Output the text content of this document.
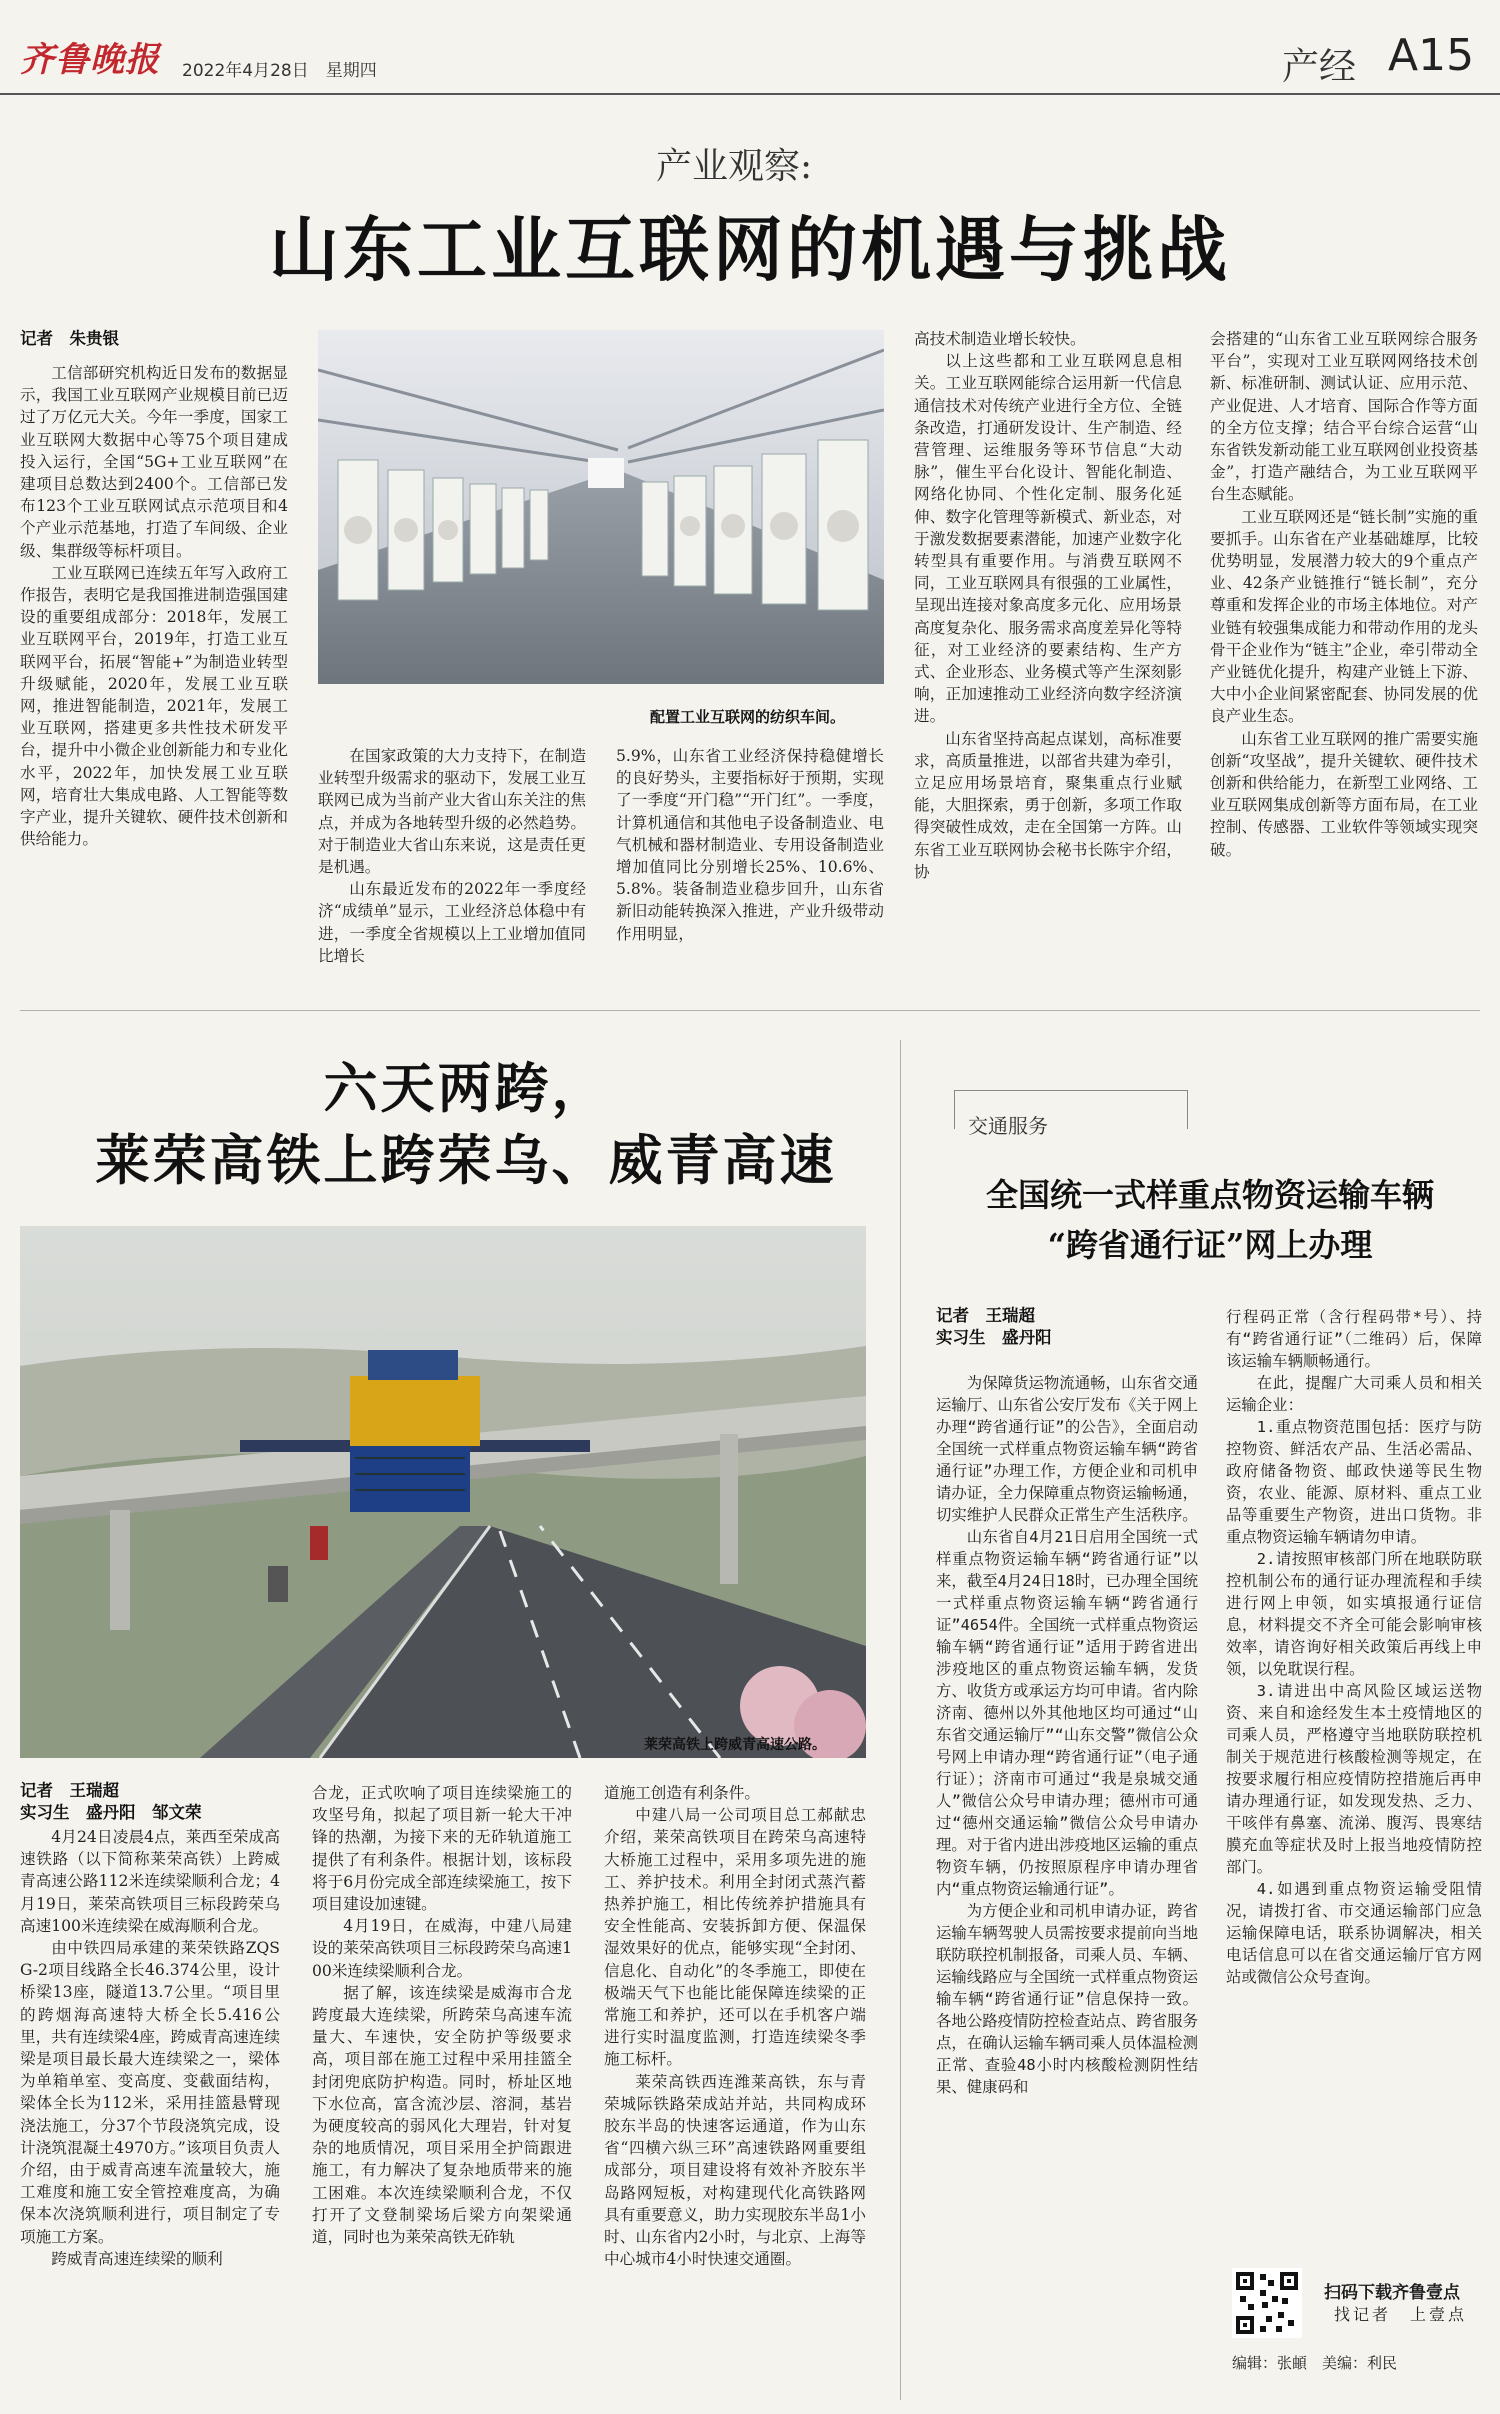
齐鲁晚报 2022年4月28日　星期四	产经 A15
产业观察:
山东工业互联网的机遇与挑战
记者　朱贵银

工信部研究机构近日发布的数据显示，我国工业互联网产业规模目前已迈过了万亿元大关。今年一季度，国家工业互联网大数据中心等75个项目建成投入运行，全国“5G+工业互联网”在建项目总数达到2400个。工信部已发布123个工业互联网试点示范项目和4个产业示范基地，打造了车间级、企业级、集群级等标杆项目。

工业互联网已连续五年写入政府工作报告，表明它是我国推进制造强国建设的重要组成部分：2018年，发展工业互联网平台，2019年，打造工业互联网平台，拓展“智能+”为制造业转型升级赋能，2020年，发展工业互联网，推进智能制造，2021年，发展工业互联网，搭建更多共性技术研发平台，提升中小微企业创新能力和专业化水平，2022年，加快发展工业互联网，培育壮大集成电路、人工智能等数字产业，提升关键软、硬件技术创新和供给能力。

配置工业互联网的纺织车间。

在国家政策的大力支持下，在制造业转型升级需求的驱动下，发展工业互联网已成为当前产业大省山东关注的焦点，并成为各地转型升级的必然趋势。对于制造业大省山东来说，这是责任更是机遇。

山东最近发布的2022年一季度经济“成绩单”显示，工业经济总体稳中有进，一季度全省规模以上工业增加值同比增长

5.9%，山东省工业经济保持稳健增长的良好势头，主要指标好于预期，实现了一季度“开门稳”“开门红”。一季度，计算机通信和其他电子设备制造业、电气机械和器材制造业、专用设备制造业增加值同比分别增长25%、10.6%、5.8%。装备制造业稳步回升，山东省新旧动能转换深入推进，产业升级带动作用明显，

高技术制造业增长较快。

以上这些都和工业互联网息息相关。工业互联网能综合运用新一代信息通信技术对传统产业进行全方位、全链条改造，打通研发设计、生产制造、经营管理、运维服务等环节信息“大动脉”，催生平台化设计、智能化制造、网络化协同、个性化定制、服务化延伸、数字化管理等新模式、新业态，对于激发数据要素潜能，加速产业数字化转型具有重要作用。与消费互联网不同，工业互联网具有很强的工业属性，呈现出连接对象高度多元化、应用场景高度复杂化、服务需求高度差异化等特征，对工业经济的要素结构、生产方式、企业形态、业务模式等产生深刻影响，正加速推动工业经济向数字经济演进。

山东省坚持高起点谋划，高标准要求，高质量推进，以部省共建为牵引，立足应用场景培育，聚集重点行业赋能，大胆探索，勇于创新，多项工作取得突破性成效，走在全国第一方阵。山东省工业互联网协会秘书长陈宇介绍，协

会搭建的“山东省工业互联网综合服务平台”，实现对工业互联网网络技术创新、标准研制、测试认证、应用示范、产业促进、人才培育、国际合作等方面的全方位支撑；结合平台综合运营“山东省铁发新动能工业互联网创业投资基金”，打造产融结合，为工业互联网平台生态赋能。

工业互联网还是“链长制”实施的重要抓手。山东省在产业基础雄厚，比较优势明显，发展潜力较大的9个重点产业、42条产业链推行“链长制”，充分尊重和发挥企业的市场主体地位。对产业链有较强集成能力和带动作用的龙头骨干企业作为“链主”企业，牵引带动全产业链优化提升，构建产业链上下游、大中小企业间紧密配套、协同发展的优良产业生态。

山东省工业互联网的推广需要实施创新“攻坚战”，提升关键软、硬件技术创新和供给能力，在新型工业网络、工业互联网集成创新等方面布局，在工业控制、传感器、工业软件等领域实现突破。

六天两跨，
莱荣高铁上跨荣乌、威青高速
莱荣高铁上跨威青高速公路。
记者　王瑞超
实习生　盛丹阳　邹文荣

4月24日凌晨4点，莱西至荣成高速铁路（以下简称莱荣高铁）上跨威青高速公路112米连续梁顺利合龙；4月19日，莱荣高铁项目三标段跨荣乌高速100米连续梁在威海顺利合龙。

由中铁四局承建的莱荣铁路ZQSG-2项目线路全长46.374公里，设计桥梁13座，隧道13.7公里。“项目里的跨烟海高速特大桥全长5.416公里，共有连续梁4座，跨威青高速连续梁是项目最长最大连续梁之一，梁体为单箱单室、变高度、变截面结构，梁体全长为112米，采用挂篮悬臂现浇法施工，分37个节段浇筑完成，设计浇筑混凝土4970方。”该项目负责人介绍，由于威青高速车流量较大，施工难度和施工安全管控难度高，为确保本次浇筑顺利进行，项目制定了专项施工方案。

跨威青高速连续梁的顺利

合龙，正式吹响了项目连续梁施工的攻坚号角，拟起了项目新一轮大干冲锋的热潮，为接下来的无砟轨道施工提供了有利条件。根据计划，该标段将于6月份完成全部连续梁施工，按下项目建设加速键。

4月19日，在威海，中建八局建设的莱荣高铁项目三标段跨荣乌高速100米连续梁顺利合龙。

据了解，该连续梁是威海市合龙跨度最大连续梁，所跨荣乌高速车流量大、车速快，安全防护等级要求高，项目部在施工过程中采用挂篮全封闭兜底防护构造。同时，桥址区地下水位高，富含流沙层、溶洞，基岩为硬度较高的弱风化大理岩，针对复杂的地质情况，项目采用全护筒跟进施工，有力解决了复杂地质带来的施工困难。本次连续梁顺利合龙，不仅打开了文登制梁场后梁方向架梁通道，同时也为莱荣高铁无砟轨

道施工创造有利条件。

中建八局一公司项目总工郝献忠介绍，莱荣高铁项目在跨荣乌高速特大桥施工过程中，采用多项先进的施工、养护技术。利用全封闭式蒸汽蓄热养护施工，相比传统养护措施具有安全性能高、安装拆卸方便、保温保湿效果好的优点，能够实现“全封闭、信息化、自动化”的冬季施工，即使在极端天气下也能比能保障连续梁的正常施工和养护，还可以在手机客户端进行实时温度监测，打造连续梁冬季施工标杆。

莱荣高铁西连潍莱高铁，东与青荣城际铁路荣成站并站，共同构成环胶东半岛的快速客运通道，作为山东省“四横六纵三环”高速铁路网重要组成部分，项目建设将有效补齐胶东半岛路网短板，对构建现代化高铁路网具有重要意义，助力实现胶东半岛1小时、山东省内2小时，与北京、上海等中心城市4小时快速交通圈。

交通服务
全国统一式样重点物资运输车辆
“跨省通行证”网上办理
记者　王瑞超
实习生　盛丹阳

为保障货运物流通畅，山东省交通运输厅、山东省公安厅发布《关于网上办理“跨省通行证”的公告》，全面启动全国统一式样重点物资运输车辆“跨省通行证”办理工作，方便企业和司机申请办证，全力保障重点物资运输畅通，切实维护人民群众正常生产生活秩序。

山东省自4月21日启用全国统一式样重点物资运输车辆“跨省通行证”以来，截至4月24日18时，已办理全国统一式样重点物资运输车辆“跨省通行证”4654件。全国统一式样重点物资运输车辆“跨省通行证”适用于跨省进出涉疫地区的重点物资运输车辆，发货方、收货方或承运方均可申请。省内除济南、德州以外其他地区均可通过“山东省交通运输厅”“山东交警”微信公众号网上申请办理“跨省通行证”（电子通行证）；济南市可通过“我是泉城交通人”微信公众号申请办理；德州市可通过“德州交通运输”微信公众号申请办理。对于省内进出涉疫地区运输的重点物资车辆，仍按照原程序申请办理省内“重点物资运输通行证”。

为方便企业和司机申请办证，跨省运输车辆驾驶人员需按要求提前向当地联防联控机制报备，司乘人员、车辆、运输线路应与全国统一式样重点物资运输车辆“跨省通行证”信息保持一致。各地公路疫情防控检查站点、跨省服务点，在确认运输车辆司乘人员体温检测正常、查验48小时内核酸检测阴性结果、健康码和

行程码正常（含行程码带*号）、持有“跨省通行证”（二维码）后，保障该运输车辆顺畅通行。

在此，提醒广大司乘人员和相关运输企业：

1.重点物资范围包括：医疗与防控物资、鲜活农产品、生活必需品、政府储备物资、邮政快递等民生物资，农业、能源、原材料、重点工业品等重要生产物资，进出口货物。非重点物资运输车辆请勿申请。

2.请按照审核部门所在地联防联控机制公布的通行证办理流程和手续进行网上申领，如实填报通行证信息，材料提交不齐全可能会影响审核效率，请咨询好相关政策后再线上申领，以免耽误行程。

3.请进出中高风险区域运送物资、来自和途经发生本土疫情地区的司乘人员，严格遵守当地联防联控机制关于规范进行核酸检测等规定，在按要求履行相应疫情防控措施后再申请办理通行证，如发现发热、乏力、干咳伴有鼻塞、流涕、腹泻、畏寒结膜充血等症状及时上报当地疫情防控部门。

4.如遇到重点物资运输受阻情况，请拨打省、市交通运输部门应急运输保障电话，联系协调解决，相关电话信息可以在省交通运输厅官方网站或微信公众号查询。

扫码下载齐鲁壹点
找记者　上壹点
编辑：张頔　美编：利民
